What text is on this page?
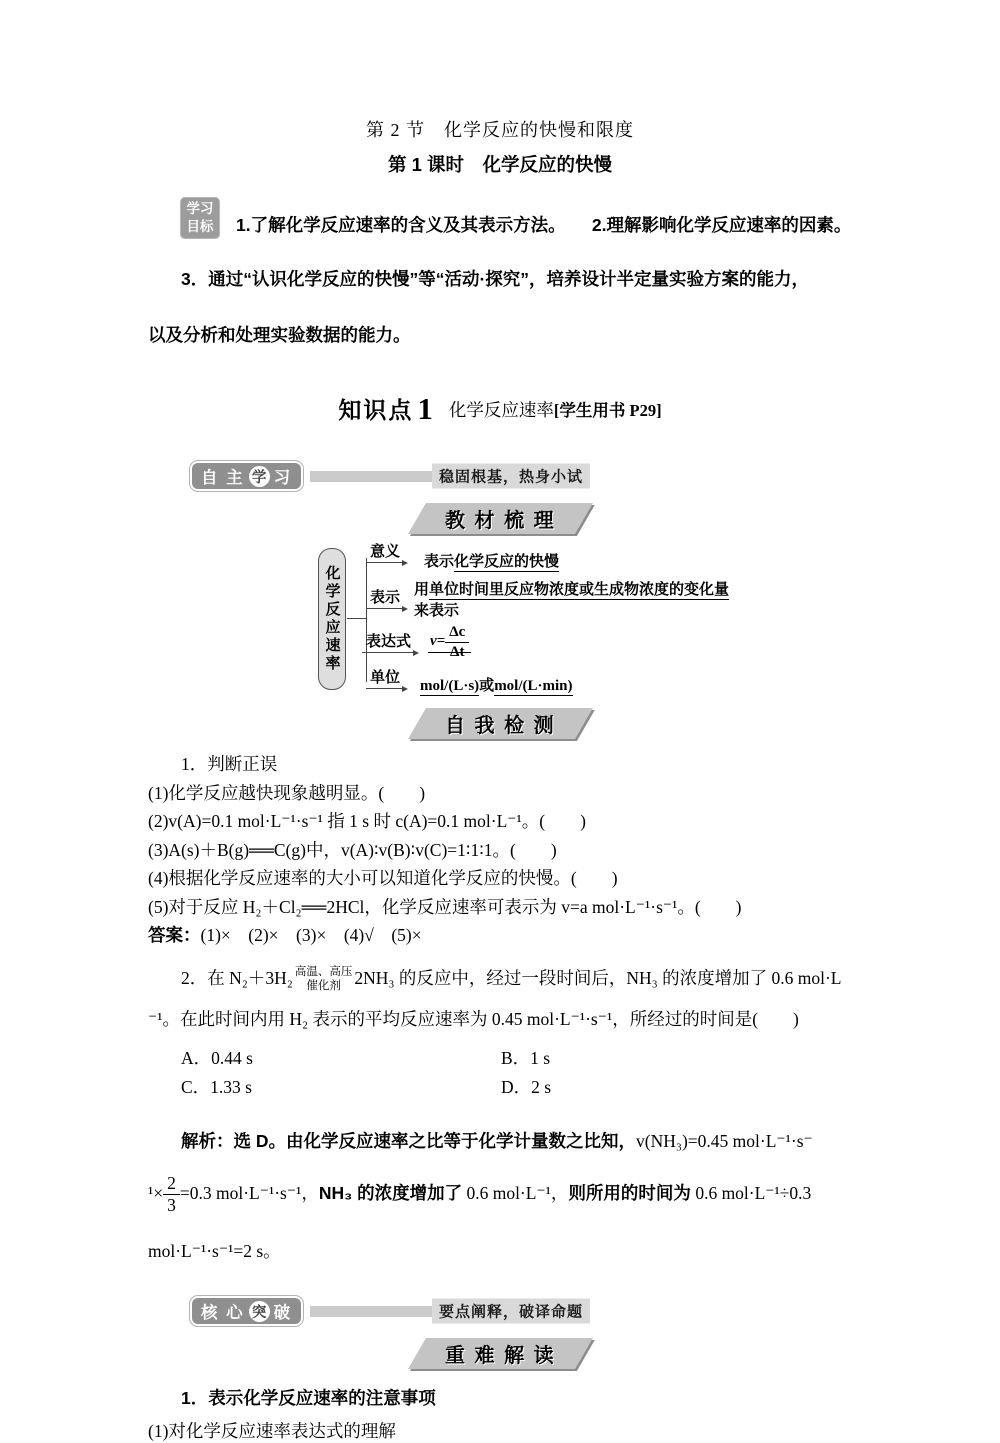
第 2 节　化学反应的快慢和限度
第 1 课时　化学反应的快慢
学习
目标 1.了解化学反应速率的含义及其表示方法。　　2.理解影响化学反应速率的因素。
3．通过“认识化学反应的快慢”等“活动·探究”，培养设计半定量实验方案的能力，
以及分析和处理实验数据的能力。
知识点 1 化学反应速率[学生用书 P29]
自 主 学 习	稳固根基，热身小试
教 材 梳 理
化学反应速率
意义
表示化学反应的快慢
表示 用单位时间里反应物浓度或生成物浓度的变化量
来表示
表达式 $v= \frac{\Delta c}{\Delta t}$
单位 mol/(L·s)或mol/(L·min)
自 我 检 测
1．判断正误
(1)化学反应越快现象越明显。(　　)
(2)v(A)=0.1 mol·L⁻¹·s⁻¹ 指 1 s 时 c(A)=0.1 mol·L⁻¹。(　　)
(3)A(s)＋B(g)══C(g)中，v(A)∶v(B)∶v(C)=1∶1∶1。(　　)
(4)根据化学反应速率的大小可以知道化学反应的快慢。(　　)
(5)对于反应 H₂＋Cl₂══2HCl，化学反应速率可表示为 v=a mol·L⁻¹·s⁻¹。(　　)
答案：(1)×　(2)×　(3)×　(4)√　(5)×
2．在 N₂＋3H₂ 高温、高压
催化剂 2NH₃ 的反应中，经过一段时间后，NH₃ 的浓度增加了 0.6 mol·L
⁻¹。在此时间内用 H₂ 表示的平均反应速率为 0.45 mol·L⁻¹·s⁻¹，所经过的时间是(　　)
A．0.44 s	B．1 s
C．1.33 s	D．2 s
解析：选 D。由化学反应速率之比等于化学计量数之比知，v(NH₃)=0.45 mol·L⁻¹·s⁻
$^1\times \frac{2}{3} =0.3$ mol·L⁻¹·s⁻¹，NH₃ 的浓度增加了 0.6 mol·L⁻¹，则所用的时间为 0.6 mol·L⁻¹÷0.3
mol·L⁻¹·s⁻¹=2 s。
核 心 突 破	要点阐释，破译命题
重 难 解 读
1．表示化学反应速率的注意事项
(1)对化学反应速率表达式的理解
